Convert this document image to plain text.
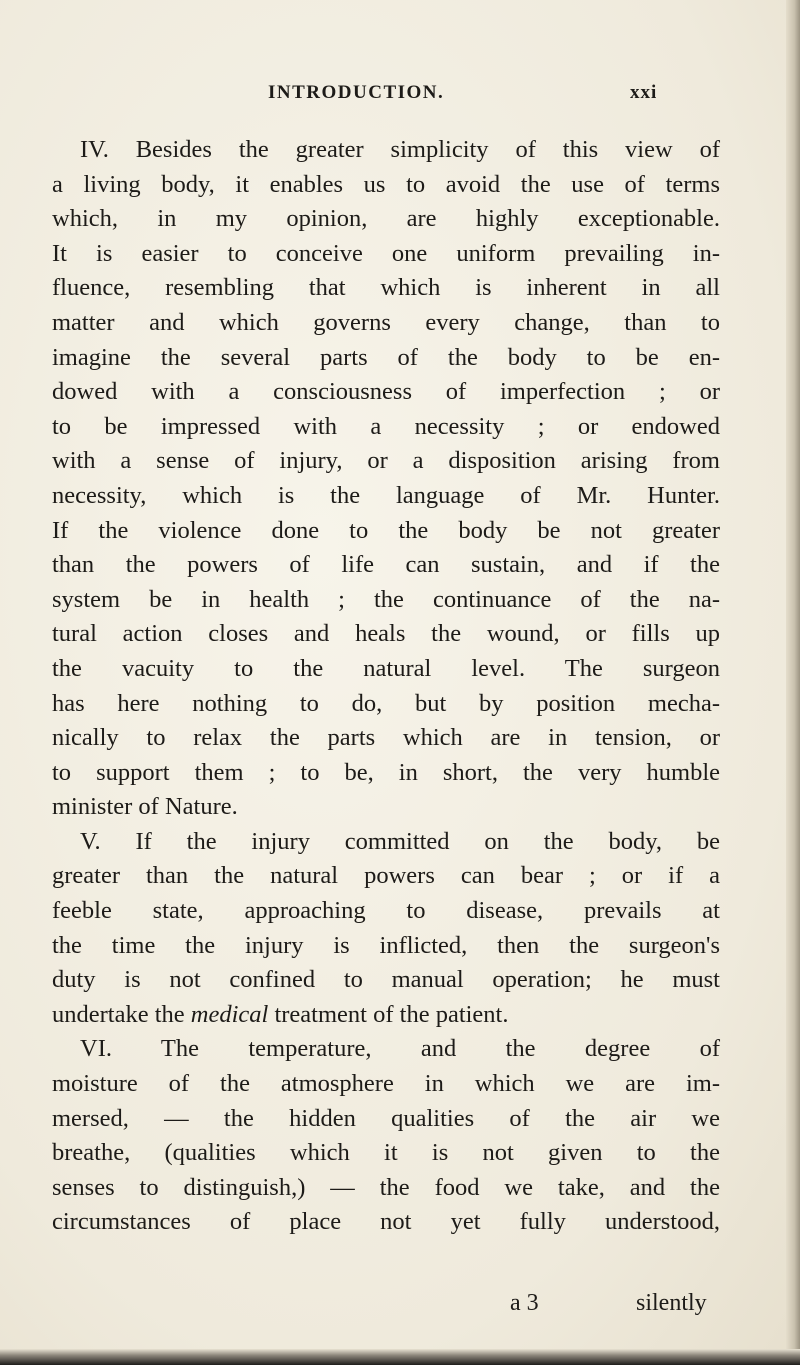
INTRODUCTION.	xxi
IV. Besides the greater simplicity of this view of
a living body, it enables us to avoid the use of terms
which, in my opinion, are highly exceptionable.
It is easier to conceive one uniform prevailing in-
fluence, resembling that which is inherent in all
matter and which governs every change, than to
imagine the several parts of the body to be en-
dowed with a consciousness of imperfection ; or
to be impressed with a necessity ; or endowed
with a sense of injury, or a disposition arising from
necessity, which is the language of Mr. Hunter.
If the violence done to the body be not greater
than the powers of life can sustain, and if the
system be in health ; the continuance of the na-
tural action closes and heals the wound, or fills up
the vacuity to the natural level. The surgeon
has here nothing to do, but by position mecha-
nically to relax the parts which are in tension, or
to support them ; to be, in short, the very humble
minister of Nature.
V. If the injury committed on the body, be
greater than the natural powers can bear ; or if a
feeble state, approaching to disease, prevails at
the time the injury is inflicted, then the surgeon's
duty is not confined to manual operation; he must
undertake the medical treatment of the patient.
VI. The temperature, and the degree of
moisture of the atmosphere in which we are im-
mersed, — the hidden qualities of the air we
breathe, (qualities which it is not given to the
senses to distinguish,) — the food we take, and the
circumstances of place not yet fully understood,
a 3	silently
